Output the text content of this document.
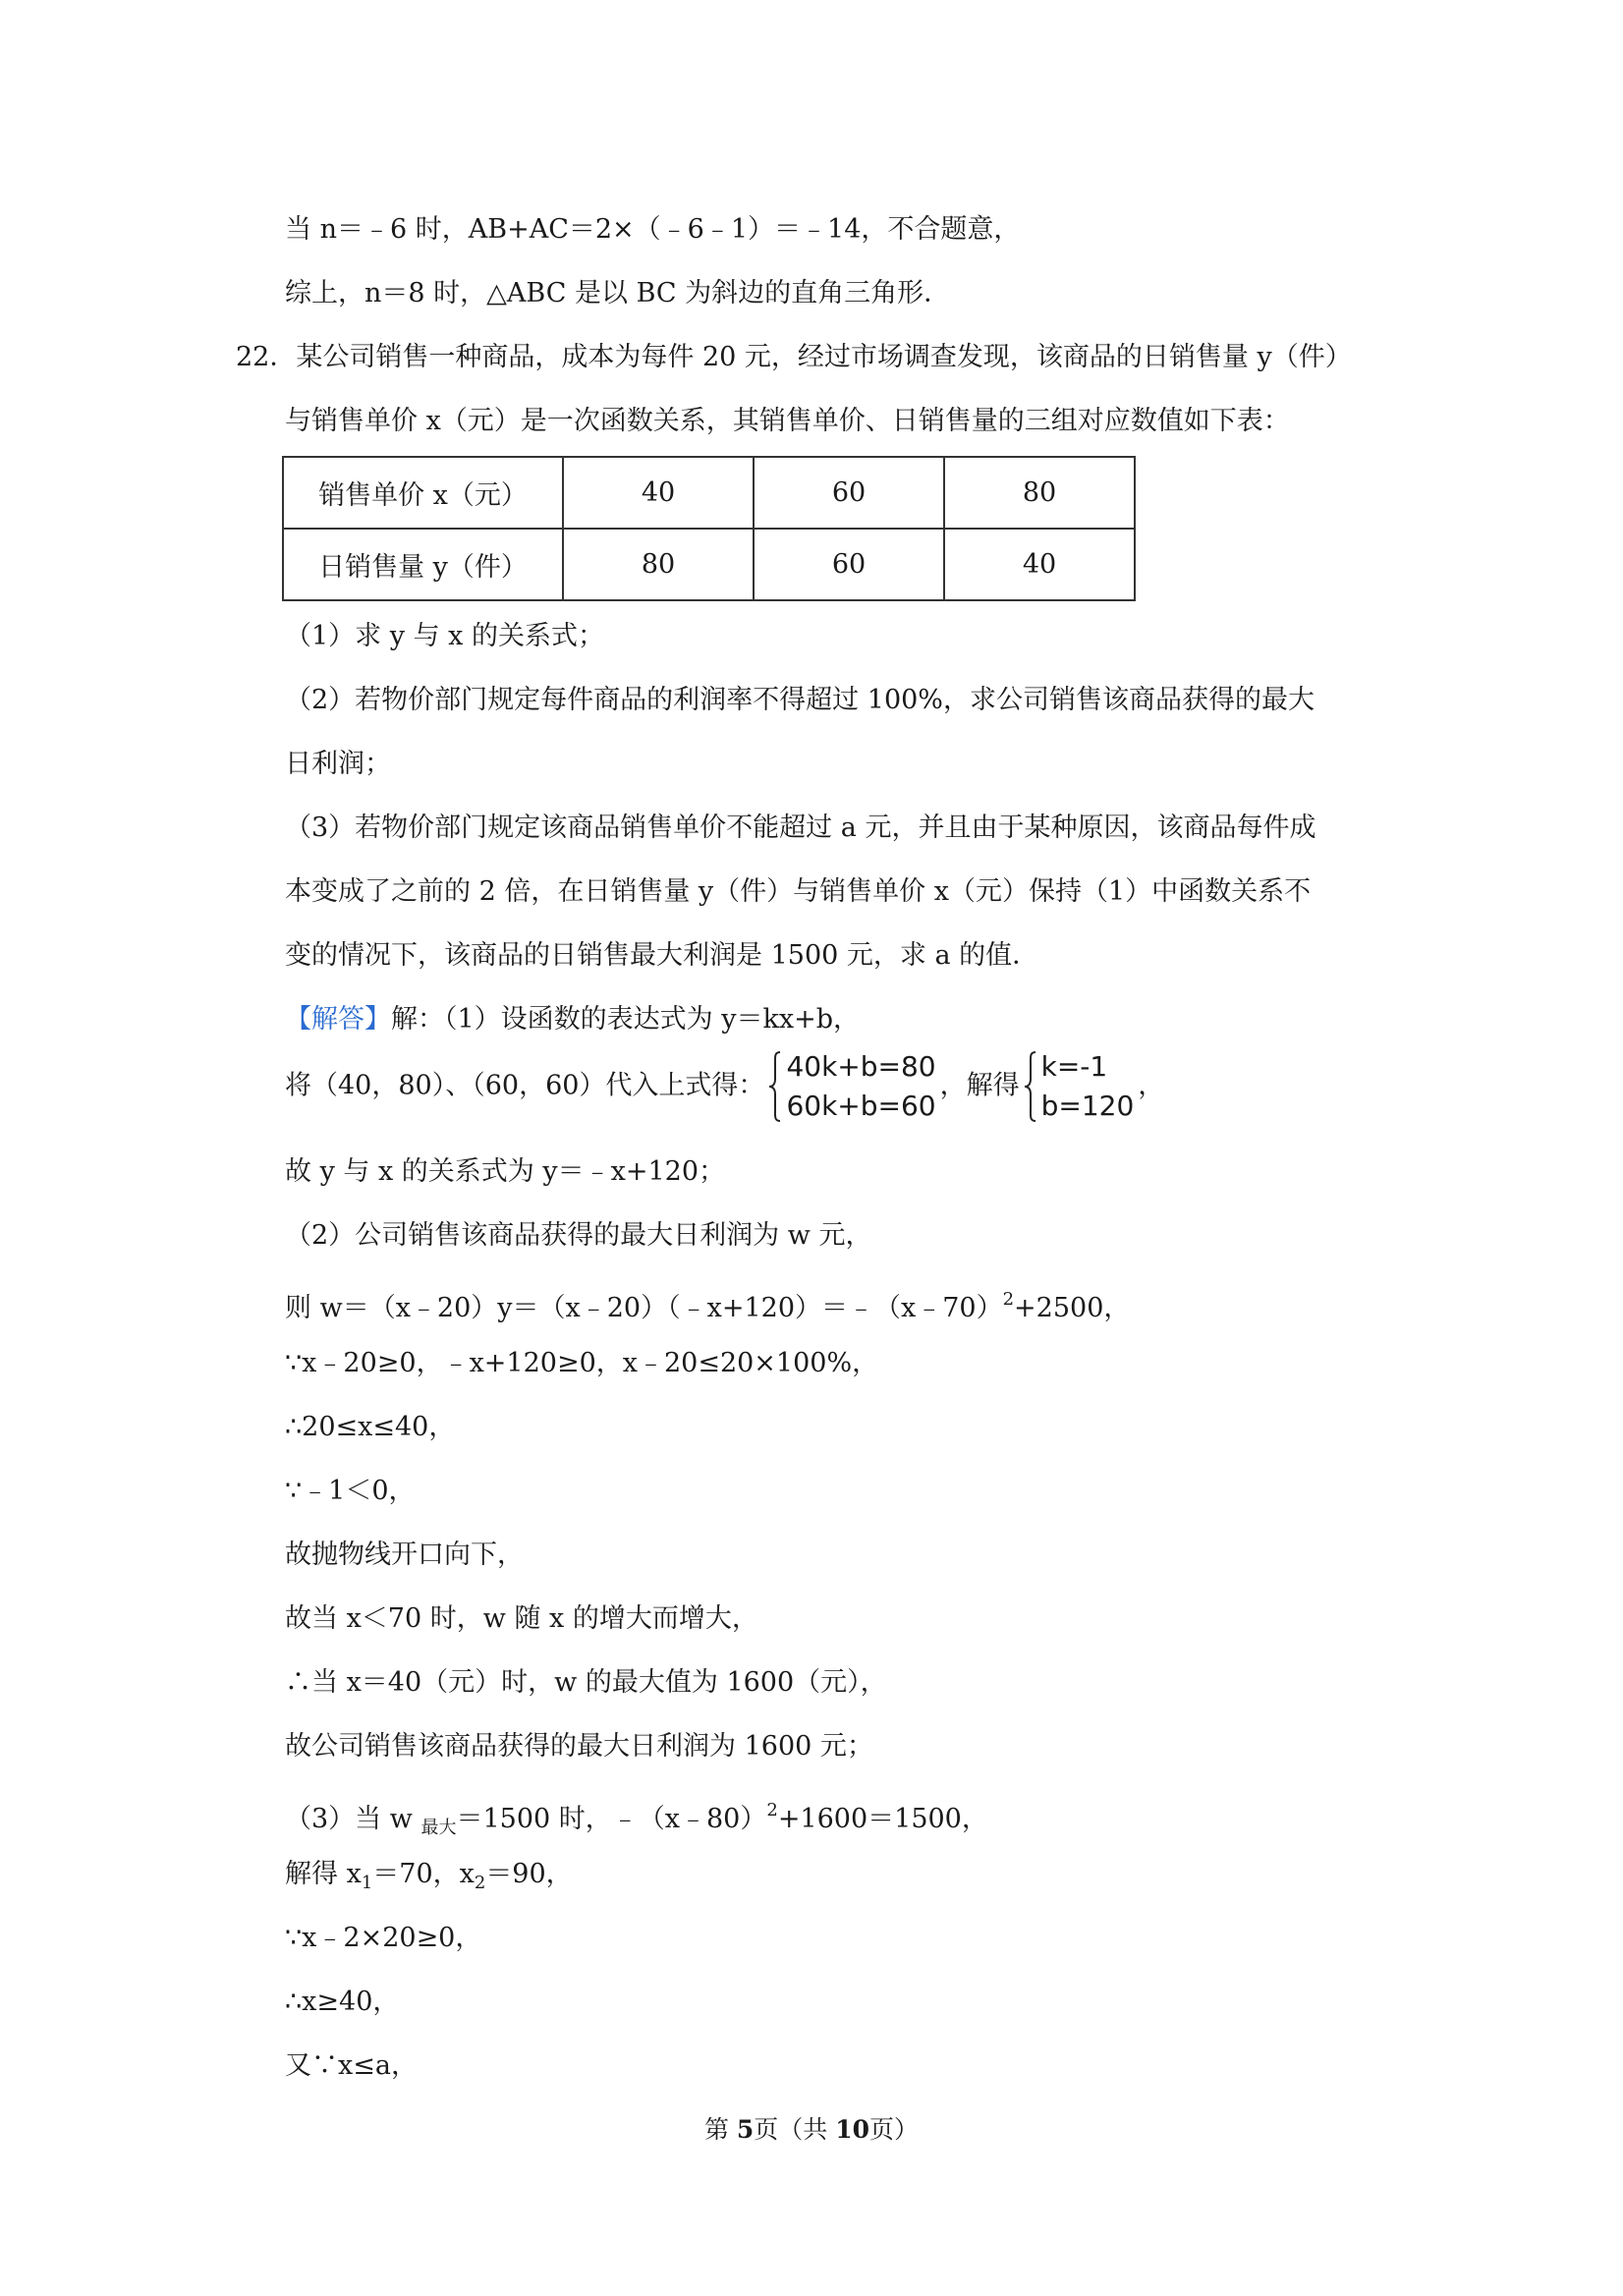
当 n＝﹣6 时，AB+AC＝2×（﹣6﹣1）＝﹣14，不合题意，
综上，n＝8 时，△ABC 是以 BC 为斜边的直角三角形．
22．某公司销售一种商品，成本为每件 20 元，经过市场调查发现，该商品的日销售量 y（件）
与销售单价 x（元）是一次函数关系，其销售单价、日销售量的三组对应数值如下表：
销售单价 x（元）	40	60	80
日销售量 y（件）	80	60	40
（1）求 y 与 x 的关系式；
（2）若物价部门规定每件商品的利润率不得超过 100%，求公司销售该商品获得的最大
日利润；
（3）若物价部门规定该商品销售单价不能超过 a 元，并且由于某种原因，该商品每件成
本变成了之前的 2 倍，在日销售量 y（件）与销售单价 x（元）保持（1）中函数关系不
变的情况下，该商品的日销售最大利润是 1500 元，求 a 的值．
【解答】解：（1）设函数的表达式为 y＝kx+b，
将（40，80）、（60，60）代入上式得：
40k+b=80
60k+b=60
，解得
k=-1
b=120
，
故 y 与 x 的关系式为 y＝﹣x+120；
（2）公司销售该商品获得的最大日利润为 w 元，
则 w＝（x﹣20）y＝（x﹣20）（﹣x+120）＝﹣（x﹣70）$^2$+2500，
∵x﹣20≥0，﹣x+120≥0，x﹣20≤20×100%，
∴20≤x≤40，
∵﹣1＜0，
故抛物线开口向下，
故当 x＜70 时，w 随 x 的增大而增大，
∴当 x＝40（元）时，w 的最大值为 1600（元），
故公司销售该商品获得的最大日利润为 1600 元；
（3）当 w $_{最大}$＝1500 时，﹣（x﹣80）$^2$+1600＝1500，
解得 $x_1=70$，$x_2=90$，
∵x﹣2×20≥0，
∴x≥40，
又∵x≤a，
第 5页（共 10页）
